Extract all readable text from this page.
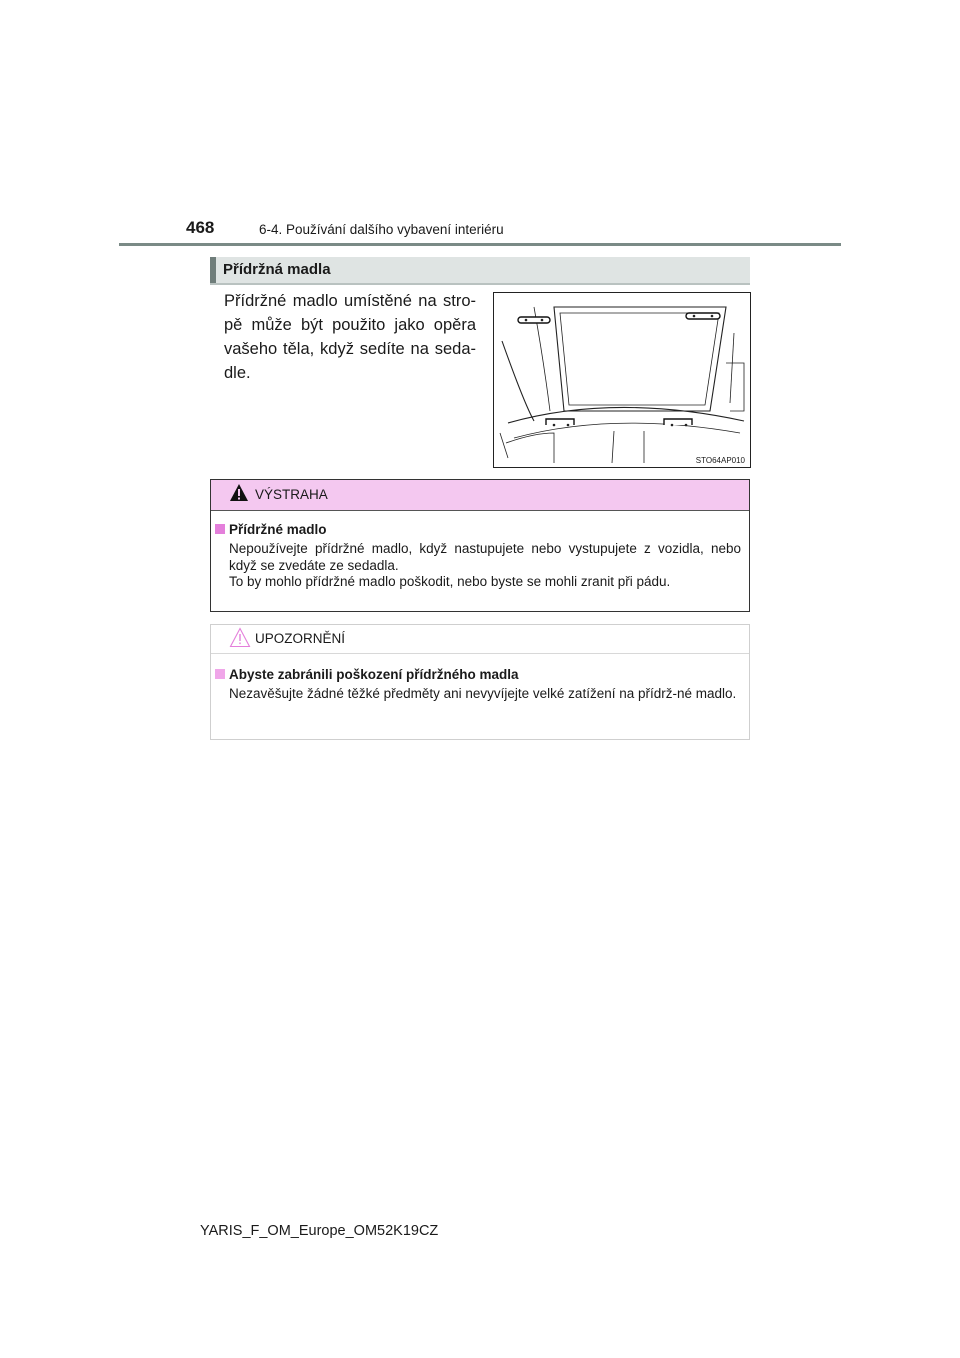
468	6-4. Používání dalšího vybavení interiéru
Přídržná madla
Přídržné madlo umístěné na stro-pě může být použito jako opěra vašeho těla, když sedíte na seda-dle.
STO64AP010
VÝSTRAHA
Přídržné madlo
Nepoužívejte přídržné madlo, když nastupujete nebo vystupujete z vozidla, nebo když se zvedáte ze sedadla.
To by mohlo přídržné madlo poškodit, nebo byste se mohli zranit při pádu.
UPOZORNĚNÍ
Abyste zabránili poškození přídržného madla
Nezavěšujte žádné těžké předměty ani nevyvíjejte velké zatížení na přídrž-né madlo.
YARIS_F_OM_Europe_OM52K19CZ
